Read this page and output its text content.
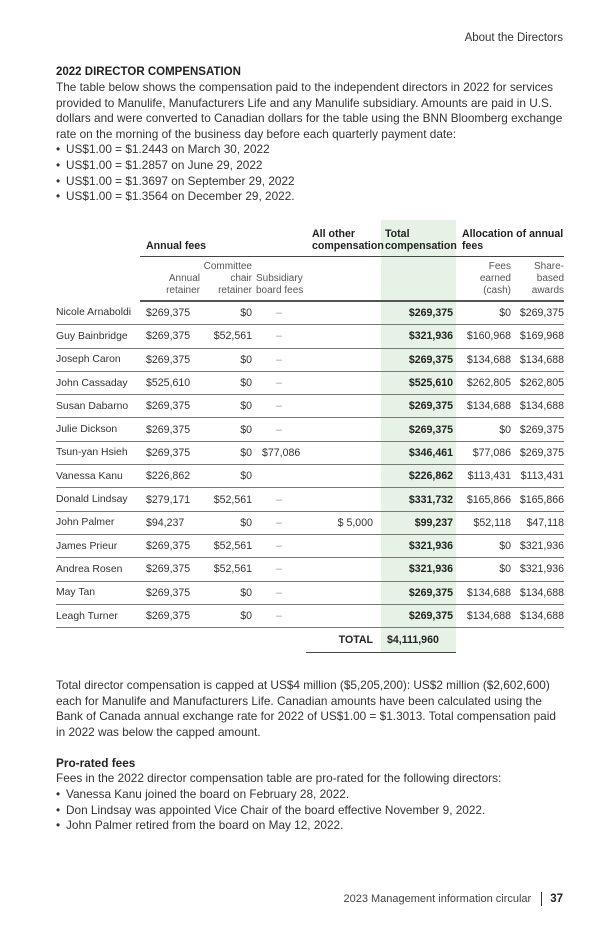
About the Directors
2022 DIRECTOR COMPENSATION

The table below shows the compensation paid to the independent directors in 2022 for services provided to Manulife, Manufacturers Life and any Manulife subsidiary. Amounts are paid in U.S. dollars and were converted to Canadian dollars for the table using the BNN Bloomberg exchange rate on the morning of the business day before each quarterly payment date:

• US$1.00 = $1.2443 on March 30, 2022
• US$1.00 = $1.2857 on June 29, 2022
• US$1.00 = $1.3697 on September 29, 2022
• US$1.00 = $1.3564 on December 29, 2022.
	Annual fees			All other compensation	Total compensation	Allocation of annual fees	
	Annual retainer	Committee chair retainer	Subsidiary board fees			Fees earned (cash)	Share-based awards
Nicole Arnaboldi	$269,375	$0	–		$269,375	$0	$269,375
Guy Bainbridge	$269,375	$52,561	–		$321,936	$160,968	$169,968
Joseph Caron	$269,375	$0	–		$269,375	$134,688	$134,688
John Cassaday	$525,610	$0	–		$525,610	$262,805	$262,805
Susan Dabarno	$269,375	$0	–		$269,375	$134,688	$134,688
Julie Dickson	$269,375	$0	–		$269,375	$0	$269,375
Tsun-yan Hsieh	$269,375	$0	$77,086		$346,461	$77,086	$269,375
Vanessa Kanu	$226,862	$0			$226,862	$113,431	$113,431
Donald Lindsay	$279,171	$52,561	–		$331,732	$165,866	$165,866
John Palmer	$94,237	$0	–	$ 5,000	$99,237	$52,118	$47,118
James Prieur	$269,375	$52,561	–		$321,936	$0	$321,936
Andrea Rosen	$269,375	$52,561	–		$321,936	$0	$321,936
May Tan	$269,375	$0	–		$269,375	$134,688	$134,688
Leagh Turner	$269,375	$0	–		$269,375	$134,688	$134,688
				TOTAL	$4,111,960		

Total director compensation is capped at US$4 million ($5,205,200): US$2 million ($2,602,600) each for Manulife and Manufacturers Life. Canadian amounts have been calculated using the Bank of Canada annual exchange rate for 2022 of US$1.00 = $1.3013. Total compensation paid in 2022 was below the capped amount.

Pro-rated fees

Fees in the 2022 director compensation table are pro-rated for the following directors:

• Vanessa Kanu joined the board on February 28, 2022.
• Don Lindsay was appointed Vice Chair of the board effective November 9, 2022.
• John Palmer retired from the board on May 12, 2022.
2023 Management information circular 37
